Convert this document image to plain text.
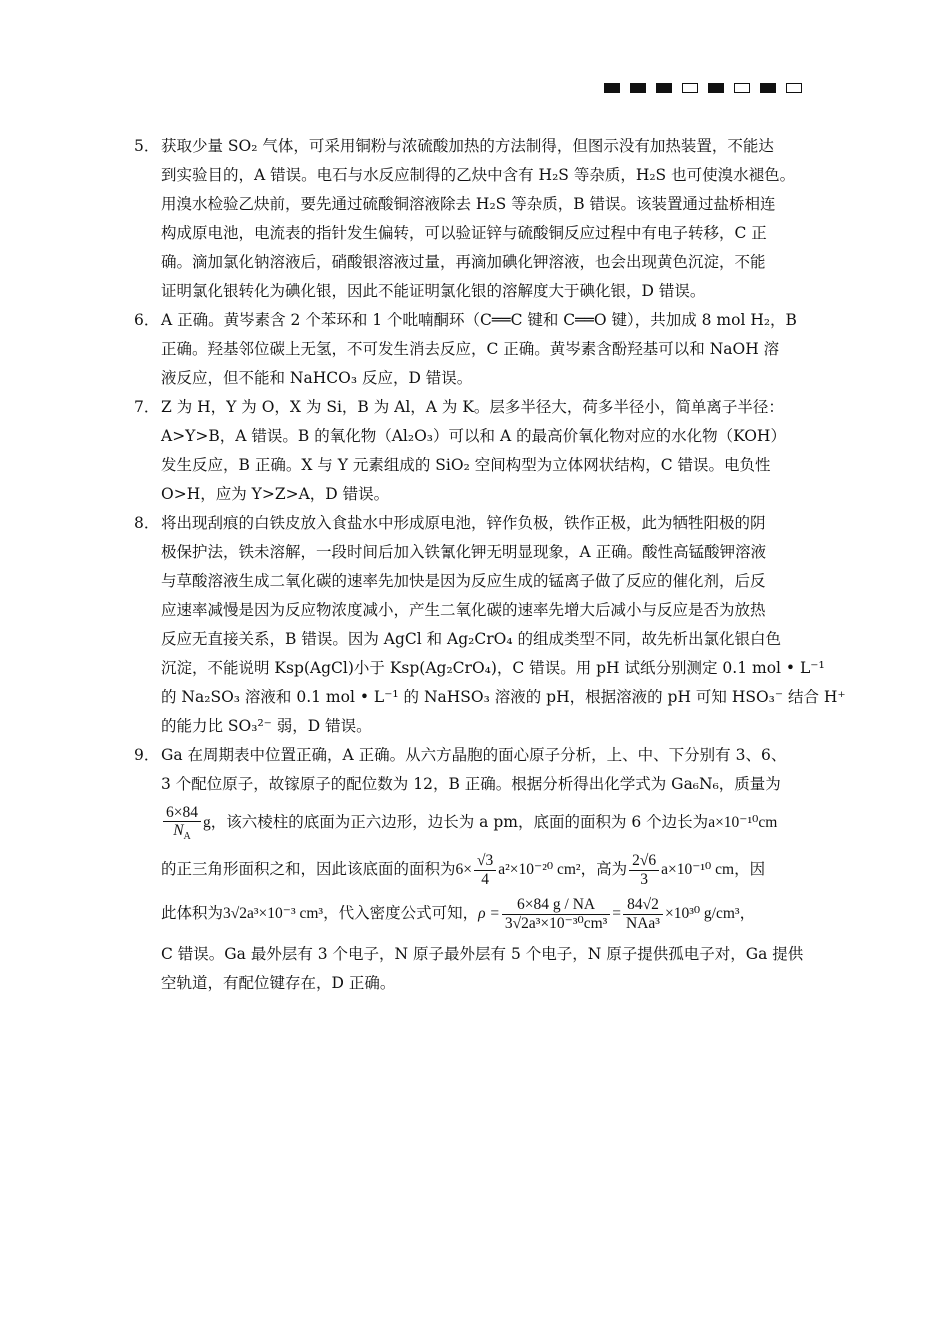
5． 获取少量 SO₂ 气体，可采用铜粉与浓硫酸加热的方法制得，但图示没有加热装置，不能达

到实验目的，A 错误。电石与水反应制得的乙炔中含有 H₂S 等杂质，H₂S 也可使溴水褪色。

用溴水检验乙炔前，要先通过硫酸铜溶液除去 H₂S 等杂质，B 错误。该装置通过盐桥相连

构成原电池，电流表的指针发生偏转，可以验证锌与硫酸铜反应过程中有电子转移，C 正

确。滴加氯化钠溶液后，硝酸银溶液过量，再滴加碘化钾溶液，也会出现黄色沉淀，不能

证明氯化银转化为碘化银，因此不能证明氯化银的溶解度大于碘化银，D 错误。

6． A 正确。黄岑素含 2 个苯环和 1 个吡喃酮环（C══C 键和 C══O 键），共加成 8 mol H₂，B

正确。羟基邻位碳上无氢，不可发生消去反应，C 正确。黄岑素含酚羟基可以和 NaOH 溶

液反应，但不能和 NaHCO₃ 反应，D 错误。

7． Z 为 H，Y 为 O，X 为 Si，B 为 Al，A 为 K。层多半径大，荷多半径小，简单离子半径：

A>Y>B，A 错误。B 的氧化物（Al₂O₃）可以和 A 的最高价氧化物对应的水化物（KOH）

发生反应，B 正确。X 与 Y 元素组成的 SiO₂ 空间构型为立体网状结构，C 错误。电负性

O>H，应为 Y>Z>A，D 错误。

8． 将出现刮痕的白铁皮放入食盐水中形成原电池，锌作负极，铁作正极，此为牺牲阳极的阴

极保护法，铁未溶解，一段时间后加入铁氰化钾无明显现象，A 正确。酸性高锰酸钾溶液

与草酸溶液生成二氧化碳的速率先加快是因为反应生成的锰离子做了反应的催化剂，后反

应速率减慢是因为反应物浓度减小，产生二氧化碳的速率先增大后减小与反应是否为放热

反应无直接关系，B 错误。因为 AgCl 和 Ag₂CrO₄ 的组成类型不同，故先析出氯化银白色

沉淀，不能说明 Ksp(AgCl)小于 Ksp(Ag₂CrO₄)，C 错误。用 pH 试纸分别测定 0.1 mol • L⁻¹

的 Na₂SO₃ 溶液和 0.1 mol • L⁻¹ 的 NaHSO₃ 溶液的 pH，根据溶液的 pH 可知 HSO₃⁻ 结合 H⁺

的能力比 SO₃²⁻ 弱，D 错误。

9． Ga 在周期表中位置正确，A 正确。从六方晶胞的面心原子分析，上、中、下分别有 3、6、

3 个配位原子，故镓原子的配位数为 12，B 正确。根据分析得出化学式为 Ga₆N₆，质量为

$\frac{6\times 84}{N_A}$ g，该六棱柱的底面为正六边形，边长为 a pm，底面的面积为 6 个边长为a×10⁻¹⁰cm

的正三角形面积之和，因此该底面的面积为$6\times \frac{√3}{4} a^2\times 10^{-20}$ cm²，高为 $\frac{2√6}{3} a\times 10^{-10}$ cm，因

此体积为3√2a³×10⁻³ cm³，代入密度公式可知，$\rho = \frac{6\times 84 g / NA}{\text{3√2a³×10⁻³⁰cm³}}$ =
84√2
NAa³
×10³⁰ g/cm³，

C 错误。Ga 最外层有 3 个电子，N 原子最外层有 5 个电子，N 原子提供孤电子对，Ga 提供

空轨道，有配位键存在，D 正确。
